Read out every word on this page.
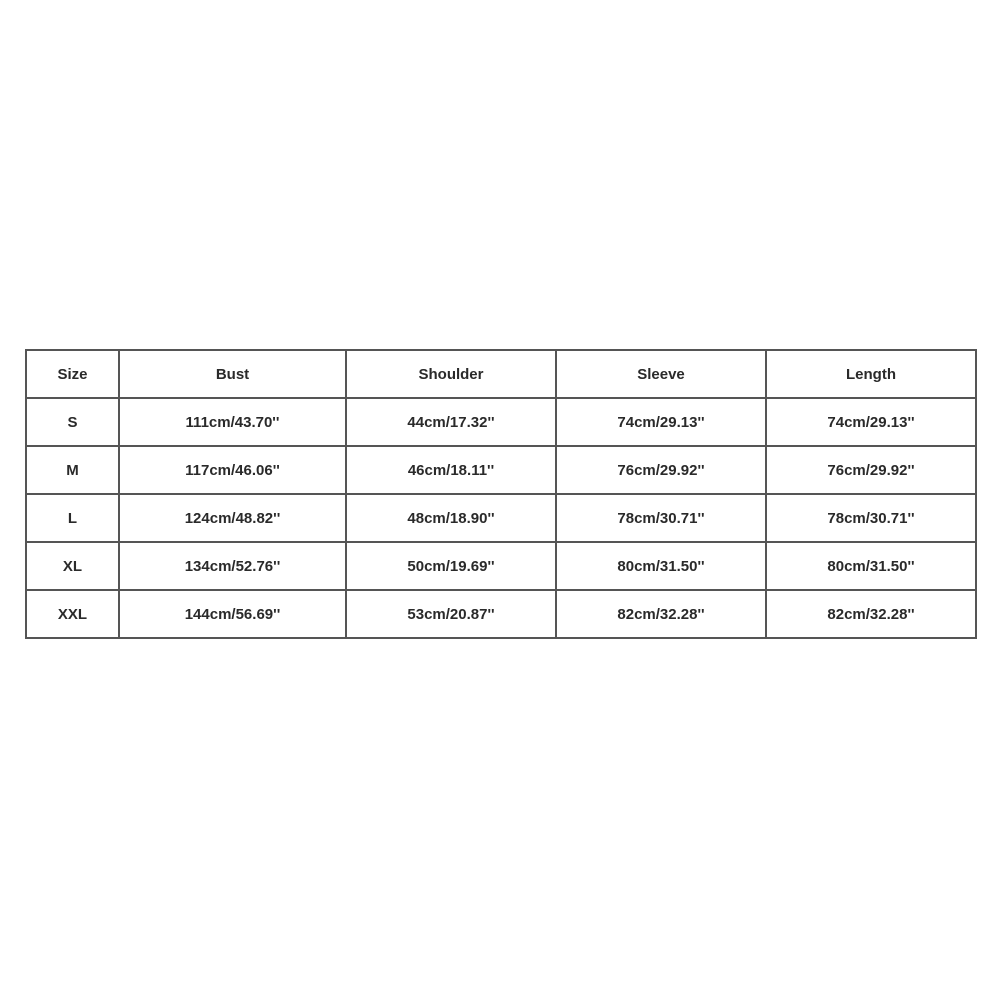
Size	Bust	Shoulder	Sleeve	Length
S	111cm/43.70''	44cm/17.32''	74cm/29.13''	74cm/29.13''
M	117cm/46.06''	46cm/18.11''	76cm/29.92''	76cm/29.92''
L	124cm/48.82''	48cm/18.90''	78cm/30.71''	78cm/30.71''
XL	134cm/52.76''	50cm/19.69''	80cm/31.50''	80cm/31.50''
XXL	144cm/56.69''	53cm/20.87''	82cm/32.28''	82cm/32.28''
